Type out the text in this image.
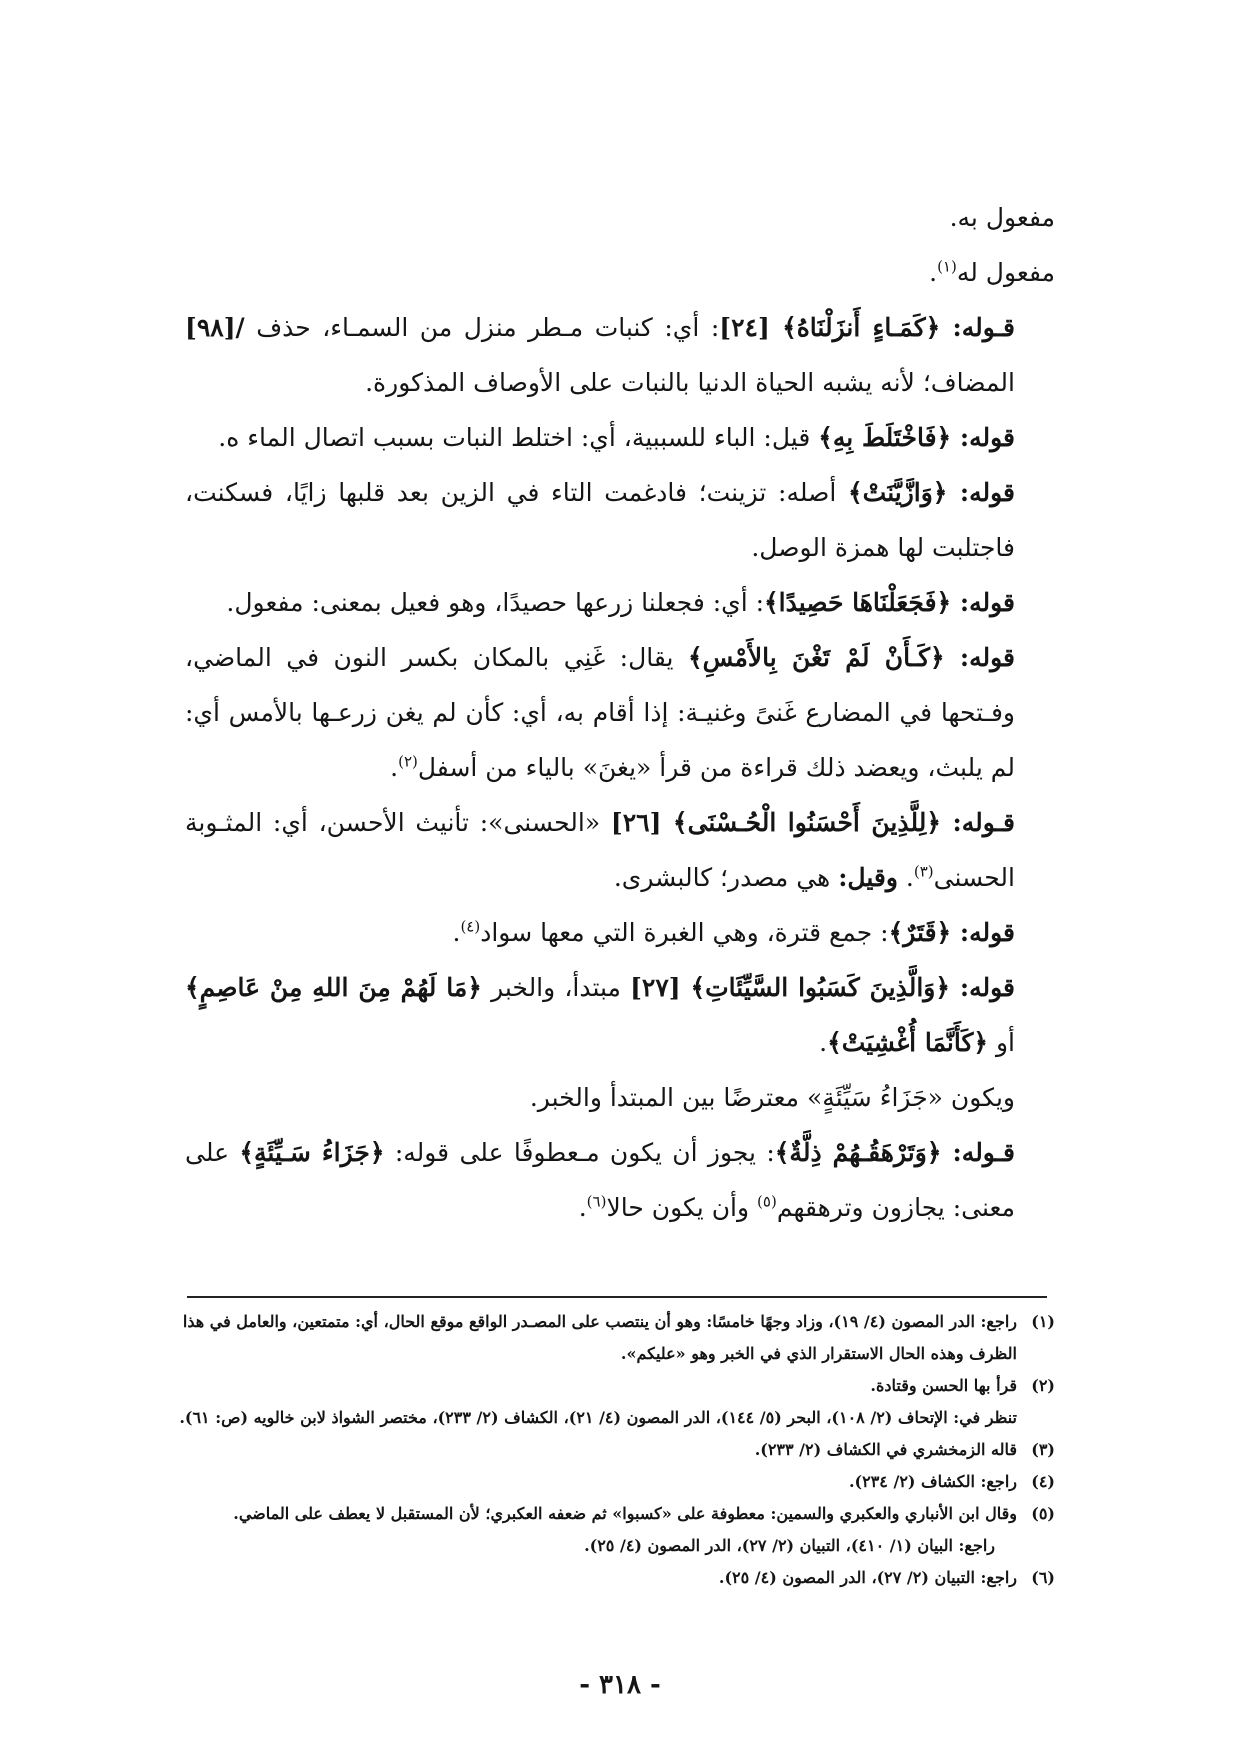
مفعول به.

مفعول له$^{(١)}$.

قـوله: ﴿كَمَـاءٍ أَنزَلْنَاهُ﴾ [٢٤]: أي: كنبات مـطر منزل من السمـاء، حذف /[٩٨] المضاف؛ لأنه يشبه الحياة الدنيا بالنبات على الأوصاف المذكورة.

قوله: ﴿فَاخْتَلَطَ بِهِ﴾ قيل: الباء للسببية، أي: اختلط النبات بسبب اتصال الماء ه.

قوله: ﴿وَازَّيَّنَتْ﴾ أصله: تزينت؛ فادغمت التاء في الزين بعد قلبها زايًا، فسكنت، فاجتلبت لها همزة الوصل.

قوله: ﴿فَجَعَلْنَاهَا حَصِيدًا﴾: أي: فجعلنا زرعها حصيدًا، وهو فعيل بمعنى: مفعول.

قوله: ﴿كَـأَنْ لَمْ تَغْنَ بِالأَمْسِ﴾ يقال: غَنِي بالمكان بكسر النون في الماضي، وفـتحها في المضارع غَنىً وغنيـة: إذا أقام به، أي: كأن لم يغن زرعـها بالأمس أي: لم يلبث، ويعضد ذلك قراءة من قرأ «يغنَ» بالياء من أسفل$^{(٢)}$.

قـوله: ﴿لِلَّذِينَ أَحْسَنُوا الْحُـسْنَى﴾ [٢٦] «الحسنى»: تأنيث الأحسن، أي: المثـوبة الحسنى$^{(٣)}$. وقيل: هي مصدر؛ كالبشرى.

قوله: ﴿قَتَرٌ﴾: جمع قترة، وهي الغبرة التي معها سواد$^{(٤)}$.

قوله: ﴿وَالَّذِينَ كَسَبُوا السَّيِّئَاتِ﴾ [٢٧] مبتدأ، والخبر ﴿مَا لَهُمْ مِنَ اللهِ مِنْ عَاصِمٍ﴾ أو ﴿كَأَنَّمَا أُغْشِيَتْ﴾.

ويكون «جَزَاءُ سَيِّئَةٍ» معترضًا بين المبتدأ والخبر.

قـوله: ﴿وَتَرْهَقُـهُمْ ذِلَّةٌ﴾: يجوز أن يكون مـعطوفًا على قوله: ﴿جَزَاءُ سَـيِّئَةٍ﴾ على معنى: يجازون وترهقهم$^{(٥)}$ وأن يكون حالا$^{(٦)}$.

(١)
راجع: الدر المصون (٤/ ١٩)، وزاد وجهًا خامسًا: وهو أن ينتصب على المصـدر الواقع موقع الحال، أي: متمتعين، والعامل في هذا الظرف وهذه الحال الاستقرار الذي في الخبر وهو «عليكم».
(٢)
قرأ بها الحسن وقتادة.
تنظر في: الإتحاف (٢/ ١٠٨)، البحر (٥/ ١٤٤)، الدر المصون (٤/ ٢١)، الكشاف (٢/ ٢٣٣)، مختصر الشواذ لابن خالويه (ص: ٦١).
(٣)
قاله الزمخشري في الكشاف (٢/ ٢٣٣).
(٤)
راجع: الكشاف (٢/ ٢٣٤).
(٥)
وقال ابن الأنباري والعكبري والسمين: معطوفة على «كسبوا» ثم ضعفه العكبري؛ لأن المستقبل لا يعطف على الماضي.
راجع: البيان (١/ ٤١٠)، التبيان (٢/ ٢٧)، الدر المصون (٤/ ٢٥).
(٦)
راجع: التبيان (٢/ ٢٧)، الدر المصون (٤/ ٢٥).
- ٣١٨ -
